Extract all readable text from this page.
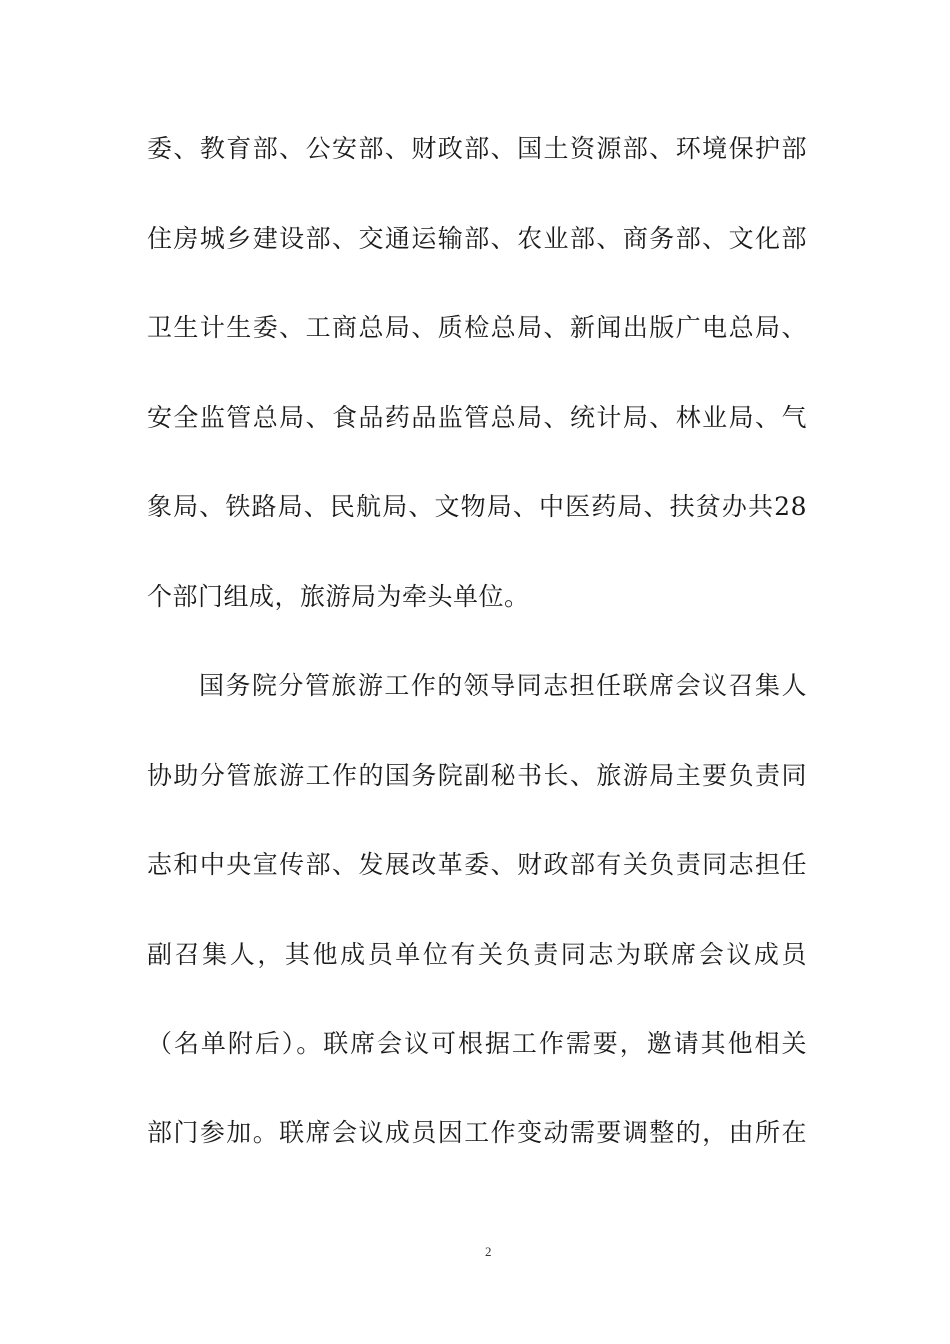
委、教育部、公安部、财政部、国土资源部、环境保护部
住房城乡建设部、交通运输部、农业部、商务部、文化部
卫生计生委、工商总局、质检总局、新闻出版广电总局、
安全监管总局、食品药品监管总局、统计局、林业局、气
象局、铁路局、民航局、文物局、中医药局、扶贫办共28
个部门组成，旅游局为牵头单位。
国务院分管旅游工作的领导同志担任联席会议召集人
协助分管旅游工作的国务院副秘书长、旅游局主要负责同
志和中央宣传部、发展改革委、财政部有关负责同志担任
副召集人，其他成员单位有关负责同志为联席会议成员
（名单附后）。联席会议可根据工作需要，邀请其他相关
部门参加。联席会议成员因工作变动需要调整的，由所在
2
